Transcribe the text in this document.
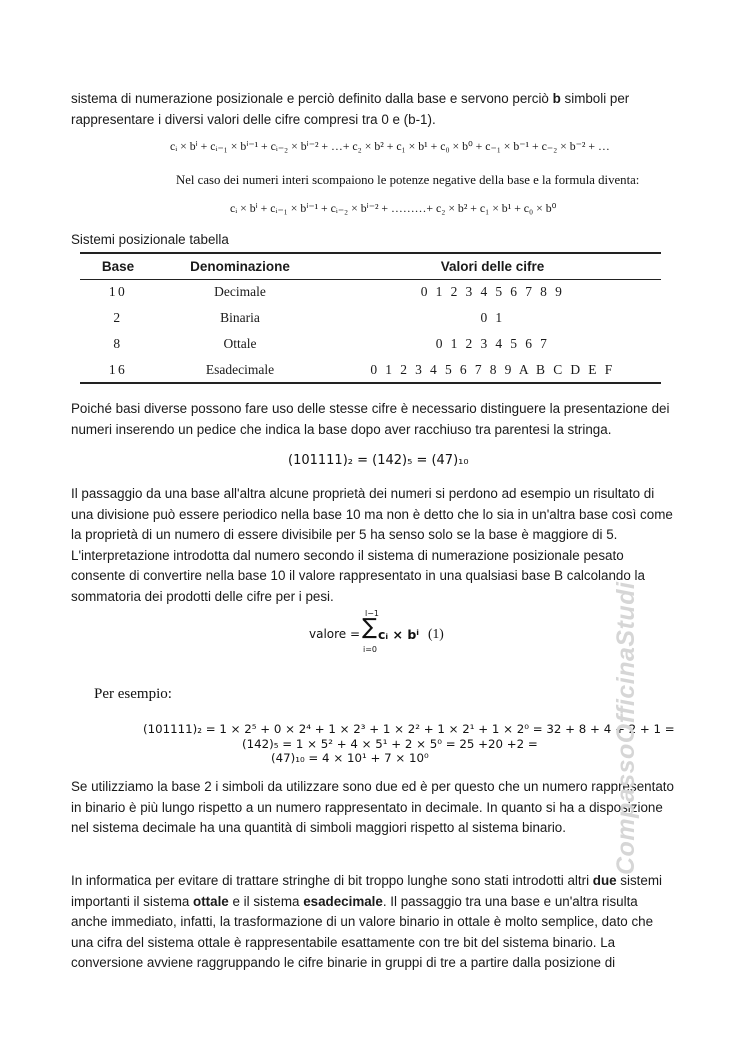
sistema di numerazione posizionale e perciò definito dalla base e servono perciò b simboli per rappresentare i diversi valori delle cifre compresi tra 0 e (b-1).

cᵢ × bⁱ + cᵢ₋₁ × bⁱ⁻¹ + cᵢ₋₂ × bⁱ⁻² + …+ c₂ × b² + c₁ × b¹ + c₀ × b⁰ + c₋₁ × b⁻¹ + c₋₂ × b⁻² + …
Nel caso dei numeri interi scompaiono le potenze negative della base e la formula diventa:
cᵢ × bⁱ + cᵢ₋₁ × bⁱ⁻¹ + cᵢ₋₂ × bⁱ⁻² + ………+ c₂ × b² + c₁ × b¹ + c₀ × b⁰
Sistemi posizionale tabella
Base	Denominazione	Valori delle cifre
10	Decimale	0 1 2 3 4 5 6 7 8 9
2	Binaria	0 1
8	Ottale	0 1 2 3 4 5 6 7
16	Esadecimale	0 1 2 3 4 5 6 7 8 9 A B C D E F

Poiché basi diverse possono fare uso delle stesse cifre è necessario distinguere la presentazione dei numeri inserendo un pedice che indica la base dopo aver racchiuso tra parentesi la stringa.

(101111)₂ = (142)₅ = (47)₁₀

Il passaggio da una base all'altra alcune proprietà dei numeri si perdono ad esempio un risultato di una divisione può essere periodico nella base 10 ma non è detto che lo sia in un'altra base così come la proprietà di un numero di essere divisibile per 5 ha senso solo se la base è maggiore di 5. L'interpretazione introdotta dal numero secondo il sistema di numerazione posizionale pesato consente di convertire nella base 10 il valore rappresentato in una qualsiasi base B calcolando la sommatoria dei prodotti delle cifre per i pesi.

valore =
l−1
∑
i=0
cᵢ × bⁱ (1)
Per esempio:
(101111)₂ = 1 × 2⁵ + 0 × 2⁴ + 1 × 2³ + 1 × 2² + 1 × 2¹ + 1 × 2⁰ = 32 + 8 + 4 + 2 + 1 =
(142)₅ = 1 × 5² + 4 × 5¹ + 2 × 5⁰ = 25 +20 +2 =
(47)₁₀ = 4 × 10¹ + 7 × 10⁰

Se utilizziamo la base 2 i simboli da utilizzare sono due ed è per questo che un numero rappresentato in binario è più lungo rispetto a un numero rappresentato in decimale. In quanto si ha a disposizione nel sistema decimale ha una quantità di simboli maggiori rispetto al sistema binario.

In informatica per evitare di trattare stringhe di bit troppo lunghe sono stati introdotti altri due sistemi importanti il sistema ottale e il sistema esadecimale. Il passaggio tra una base e un'altra risulta anche immediato, infatti, la trasformazione di un valore binario in ottale è molto semplice, dato che una cifra del sistema ottale è rappresentabile esattamente con tre bit del sistema binario. La conversione avviene raggruppando le cifre binarie in gruppi di tre a partire dalla posizione di

CompassoOfficinaStudi
